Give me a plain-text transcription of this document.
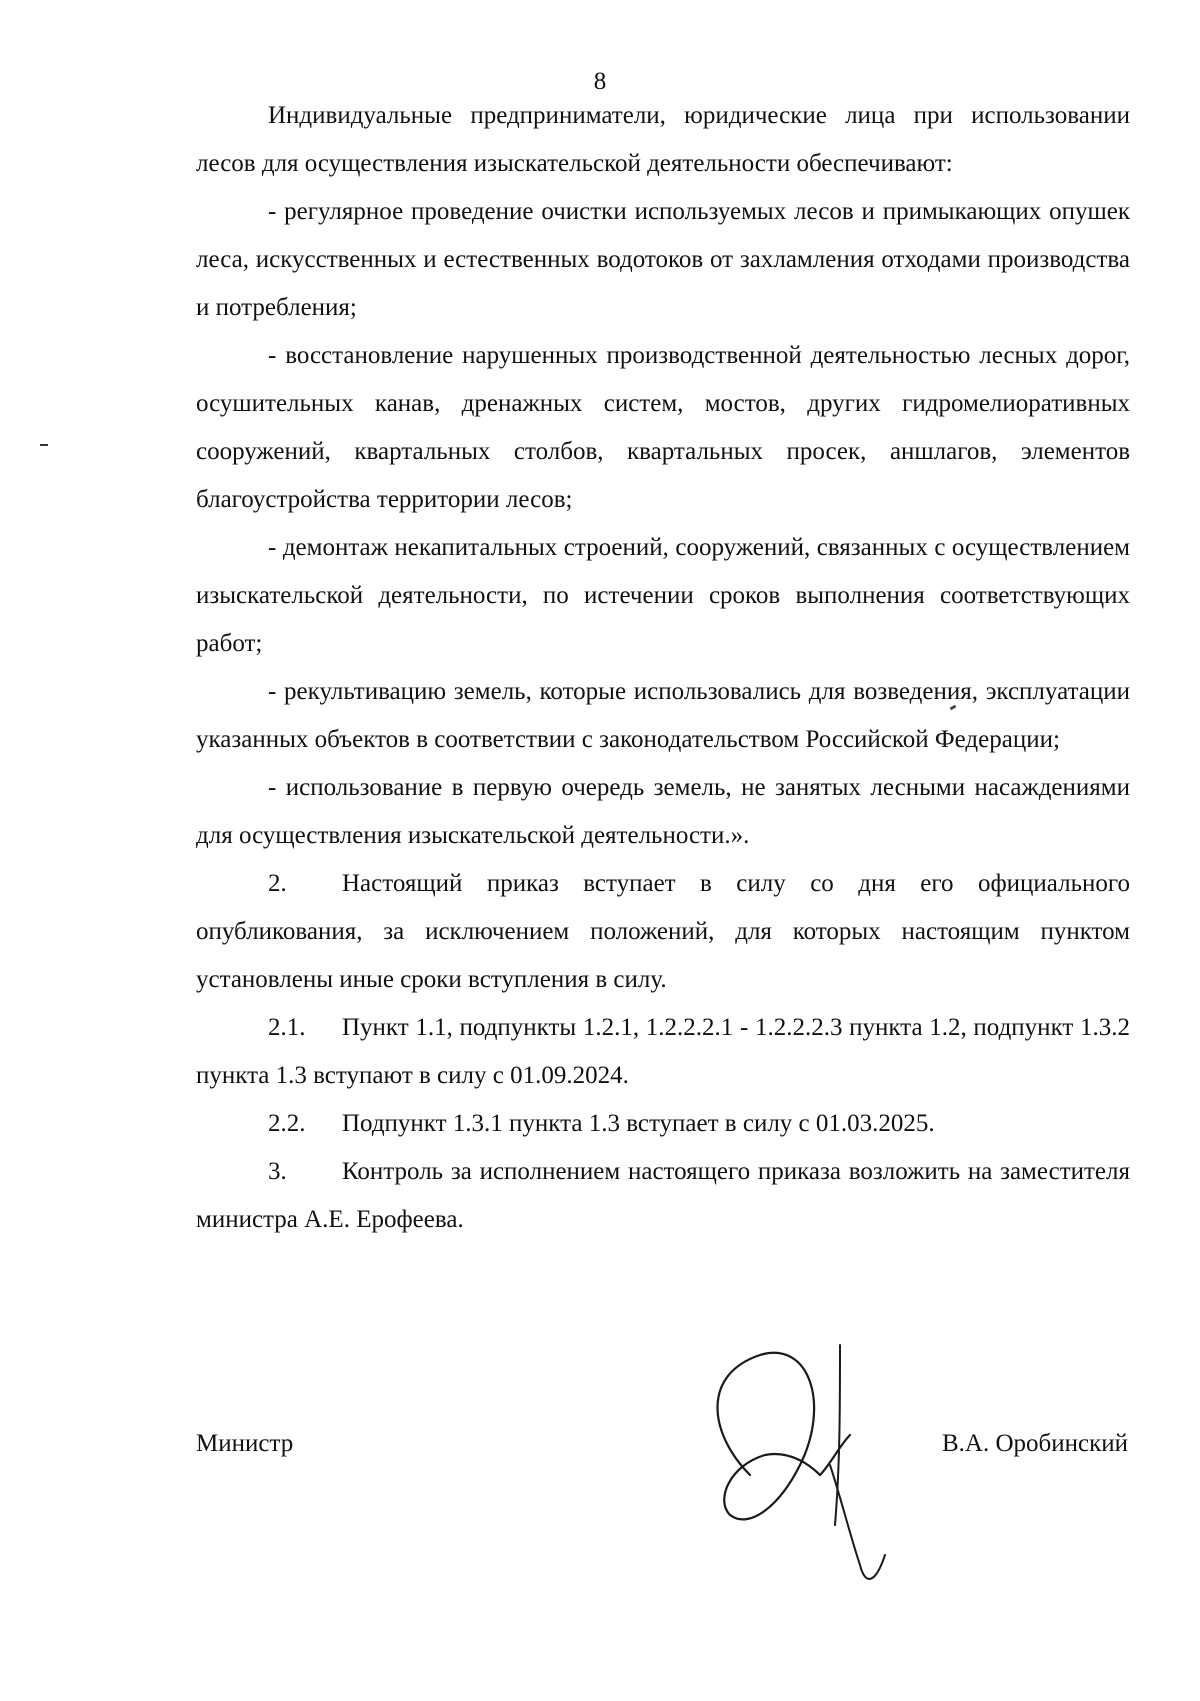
8

Индивидуальные предприниматели, юридические лица при использовании лесов для осуществления изыскательской деятельности обеспечивают:

- регулярное проведение очистки используемых лесов и примыкающих опушек леса, искусственных и естественных водотоков от захламления отходами производства и потребления;

- восстановление нарушенных производственной деятельностью лесных дорог, осушительных канав, дренажных систем, мостов, других гидромелиоративных сооружений, квартальных столбов, квартальных просек, аншлагов, элементов благоустройства территории лесов;

- демонтаж некапитальных строений, сооружений, связанных с осуществлением изыскательской деятельности, по истечении сроков выполнения соответствующих работ;

- рекультивацию земель, которые использовались для возведения, эксплуатации указанных объектов в соответствии с законодательством Российской Федерации;

- использование в первую очередь земель, не занятых лесными насаждениями для осуществления изыскательской деятельности.».

2. Настоящий приказ вступает в силу со дня его официального опубликования, за исключением положений, для которых настоящим пунктом установлены иные сроки вступления в силу.

2.1. Пункт 1.1, подпункты 1.2.1, 1.2.2.2.1 - 1.2.2.2.3 пункта 1.2, подпункт 1.3.2 пункта 1.3 вступают в силу с 01.09.2024.

2.2. Подпункт 1.3.1 пункта 1.3 вступает в силу с 01.03.2025.

3. Контроль за исполнением настоящего приказа возложить на заместителя министра А.Е. Ерофеева.

Министр	В.А. Оробинский
